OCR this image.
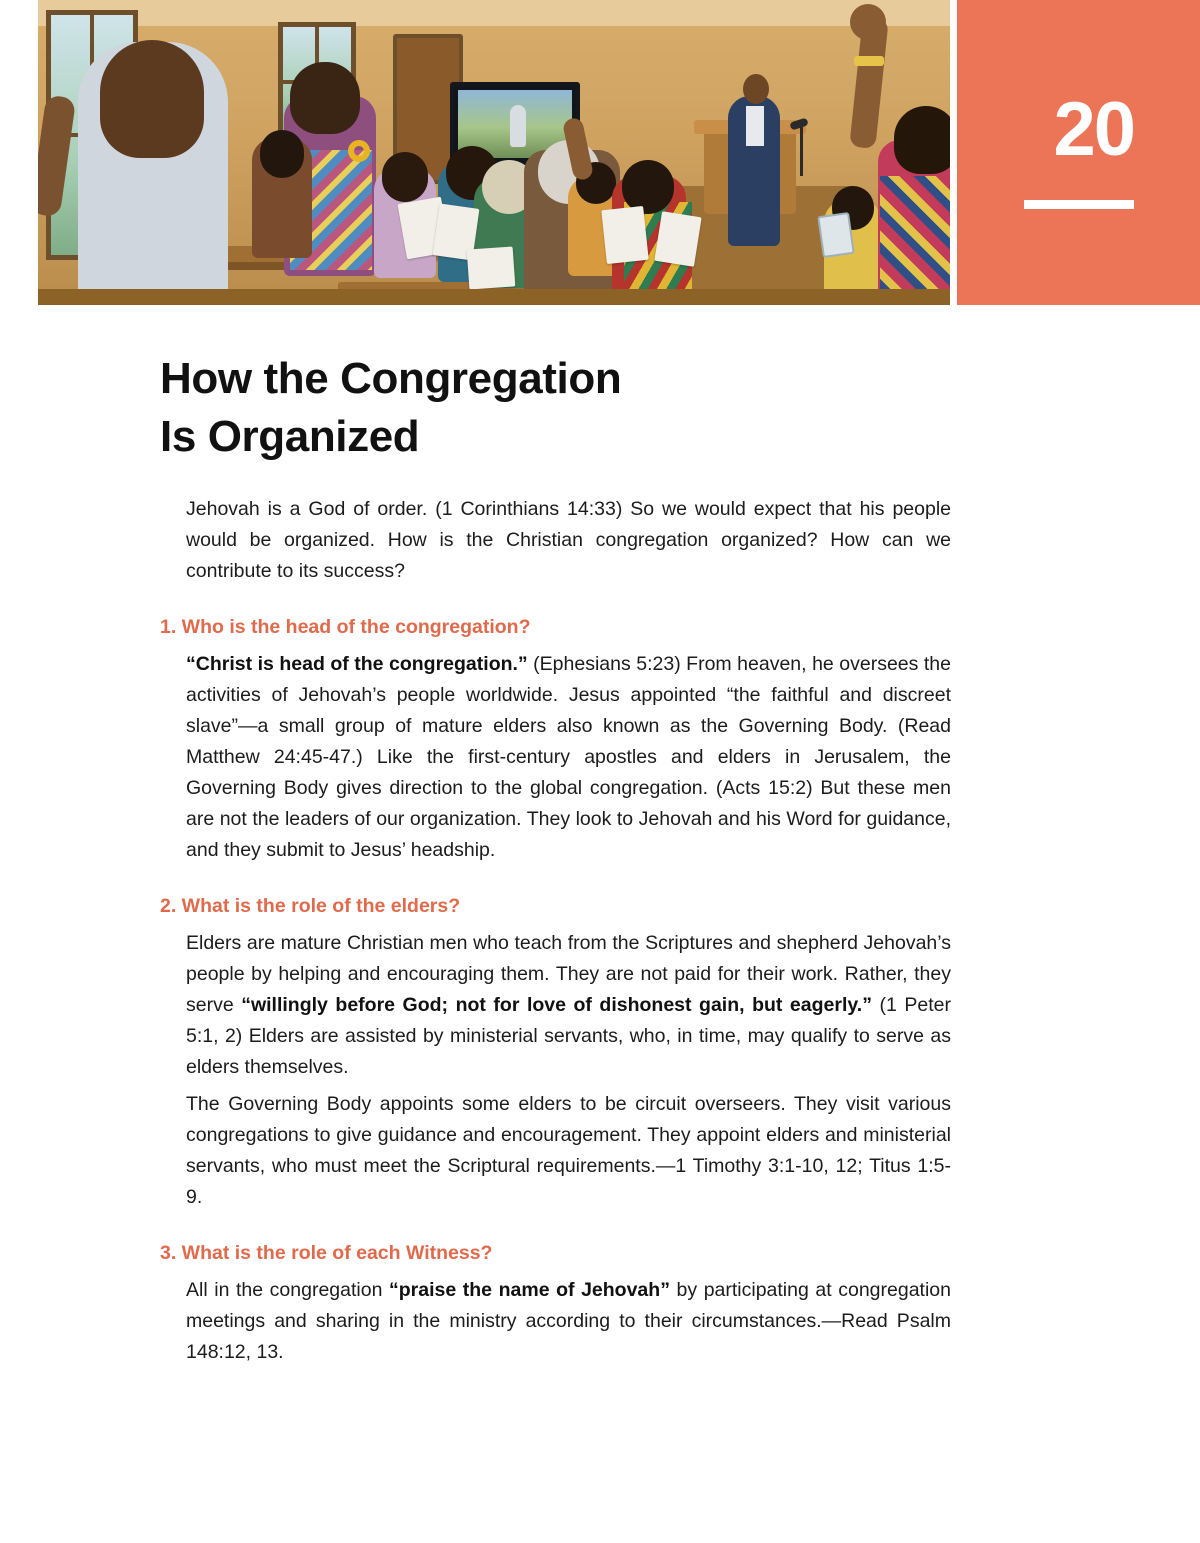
20
How the Congregation
Is Organized

Jehovah is a God of order. (1 Corinthians 14:33) So we would expect that his people would be organized. How is the Christian congregation organized? How can we contribute to its success?

1. Who is the head of the congregation?

“Christ is head of the congregation.” (Ephesians 5:23) From heaven, he oversees the activities of Jehovah’s people worldwide. Jesus appointed “the faithful and discreet slave”—a small group of mature elders also known as the Governing Body. (Read Matthew 24:45-47.) Like the first-century apostles and elders in Jerusalem, the Governing Body gives direction to the global congregation. (Acts 15:2) But these men are not the leaders of our organization. They look to Jehovah and his Word for guidance, and they submit to Jesus’ headship.

2. What is the role of the elders?

Elders are mature Christian men who teach from the Scriptures and shepherd Jehovah’s people by helping and encouraging them. They are not paid for their work. Rather, they serve “willingly before God; not for love of dishonest gain, but eagerly.” (1 Peter 5:1, 2) Elders are assisted by ministerial servants, who, in time, may qualify to serve as elders themselves.

The Governing Body appoints some elders to be circuit overseers. They visit various congregations to give guidance and encouragement. They appoint elders and ministerial servants, who must meet the Scriptural requirements.—1 Timothy 3:1-10, 12; Titus 1:5-9.

3. What is the role of each Witness?

All in the congregation “praise the name of Jehovah” by participating at congregation meetings and sharing in the ministry according to their circumstances.—Read Psalm 148:12, 13.
